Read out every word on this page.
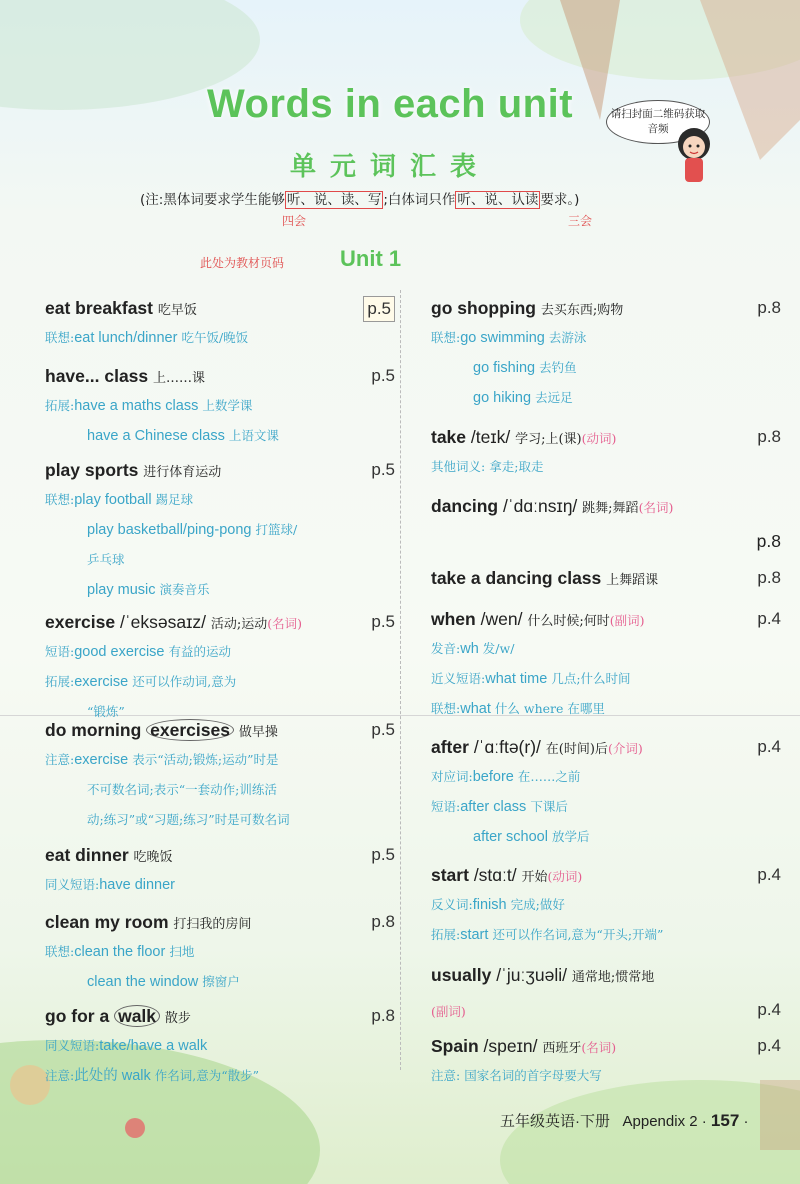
Words in each unit
单元词汇表
(注:黑体词要求学生能够 听、说、读、写 ;白体词只作 听、说、认读 要求。)
四会	三会
请扫封面二维码获取音频
此处为教材页码	Unit 1
eat breakfast 吃早饭	p.5
联想:eat lunch/dinner 吃午饭/晚饭
have... class 上……课	p.5
拓展:have a maths class 上数学课
have a Chinese class 上语文课
play sports 进行体育运动	p.5
联想:play football 踢足球
play basketball/ping-pong 打篮球/
乒乓球
play music 演奏音乐
exercise /ˈeksəsaɪz/ 活动;运动(名词)	p.5
短语:good exercise 有益的运动
拓展:exercise 还可以作动词,意为
“锻炼”
do morning exercises 做早操	p.5
注意:exercise 表示“活动;锻炼;运动”时是
不可数名词;表示“一套动作;训练活
动;练习”或“习题;练习”时是可数名词
eat dinner 吃晚饭	p.5
同义短语:have dinner
clean my room 打扫我的房间	p.8
联想:clean the floor 扫地
clean the window 擦窗户
go for a walk 散步	p.8
同义短语:take/have a walk
注意:此处的 walk 作名词,意为“散步”
go shopping 去买东西;购物	p.8
联想:go swimming 去游泳
go fishing 去钓鱼
go hiking 去远足
take /teɪk/ 学习;上(课)(动词)	p.8
其他词义: 拿走;取走
dancing /ˈdɑːnsɪŋ/ 跳舞;舞蹈(名词)
p.8
take a dancing class 上舞蹈课	p.8
when /wen/ 什么时候;何时(副词)	p.4
发音:wh 发/w/
近义短语:what time 几点;什么时间
联想:what 什么 where 在哪里
after /ˈɑːftə(r)/ 在(时间)后(介词)	p.4
对应词:before 在……之前
短语:after class 下课后
after school 放学后
start /stɑːt/ 开始(动词)	p.4
反义词:finish 完成;做好
拓展:start 还可以作名词,意为“开头;开端”
usually /ˈjuːʒuəli/ 通常地;惯常地
(副词)	p.4
Spain /speɪn/ 西班牙(名词)	p.4
注意: 国家名词的首字母要大写
五年级英语·下册 Appendix 2 · 157 ·
